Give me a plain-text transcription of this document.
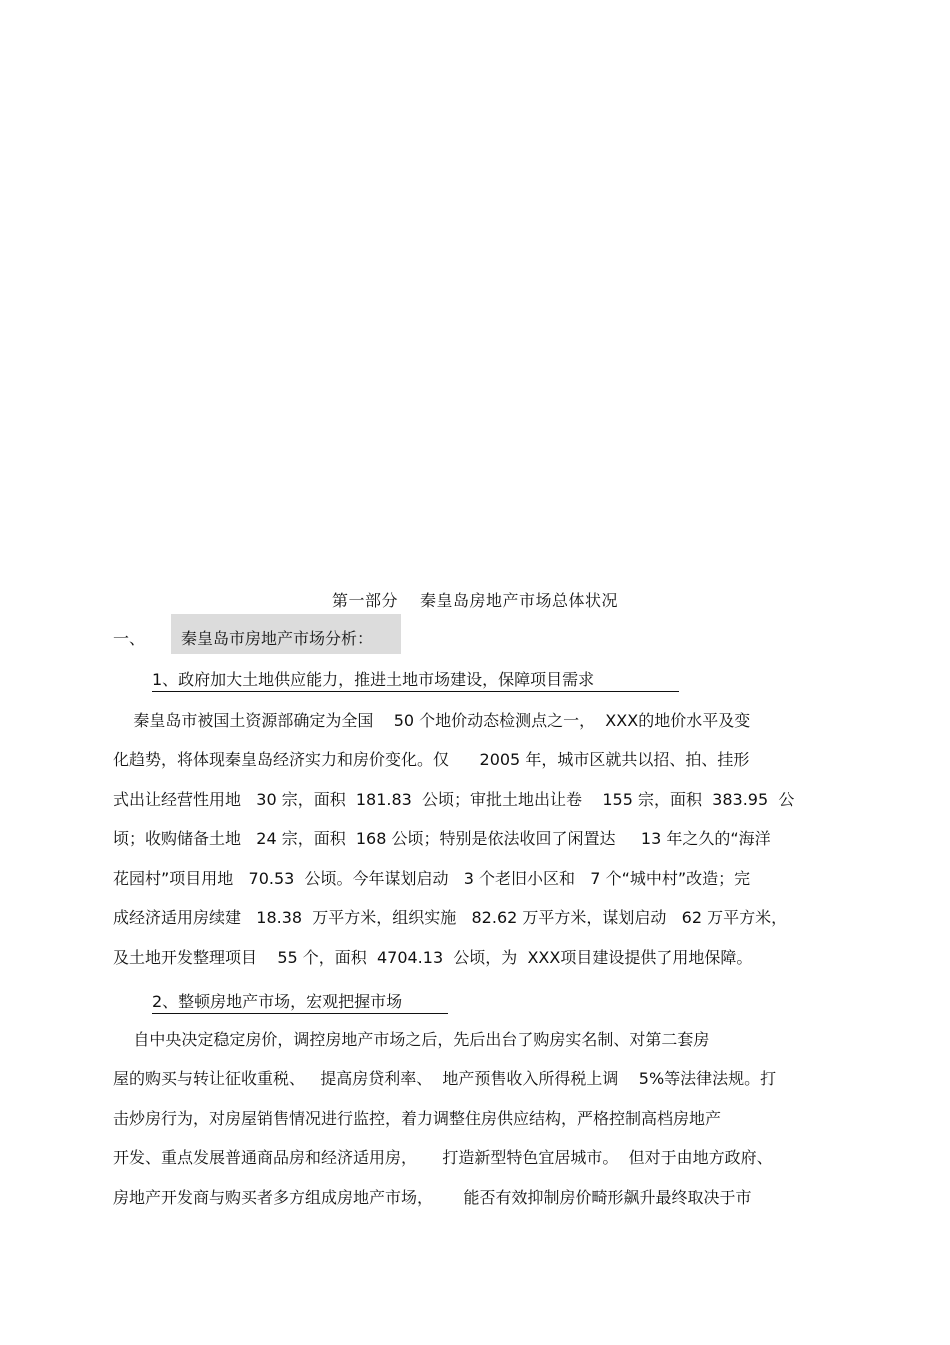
第一部分 秦皇岛房地产市场总体状况
一、	秦皇岛市房地产市场分析：
1、政府加大土地供应能力，推进土地市场建设，保障项目需求
秦皇岛市被国土资源部确定为全国    50 个地价动态检测点之一，  XXX的地价水平及变
化趋势，将体现秦皇岛经济实力和房价变化。仅      2005 年，城市区就共以招、拍、挂形
式出让经营性用地   30 宗，面积  181.83  公顷；审批土地出让卷    155 宗，面积  383.95  公
顷；收购储备土地   24 宗，面积  168 公顷；特别是依法收回了闲置达     13 年之久的“海洋
花园村”项目用地   70.53  公顷。今年谋划启动   3 个老旧小区和   7 个“城中村”改造；完
成经济适用房续建   18.38  万平方米，组织实施   82.62 万平方米，谋划启动   62 万平方米，
及土地开发整理项目    55 个，面积  4704.13  公顷，为  XXX项目建设提供了用地保障。
2、整顿房地产市场，宏观把握市场
自中央决定稳定房价，调控房地产市场之后，先后出台了购房实名制、对第二套房
屋的购买与转让征收重税、   提高房贷利率、  地产预售收入所得税上调    5%等法律法规。打
击炒房行为，对房屋销售情况进行监控，着力调整住房供应结构，严格控制高档房地产
开发、重点发展普通商品房和经济适用房，     打造新型特色宜居城市。  但对于由地方政府、
房地产开发商与购买者多方组成房地产市场，      能否有效抑制房价畸形飙升最终取决于市
